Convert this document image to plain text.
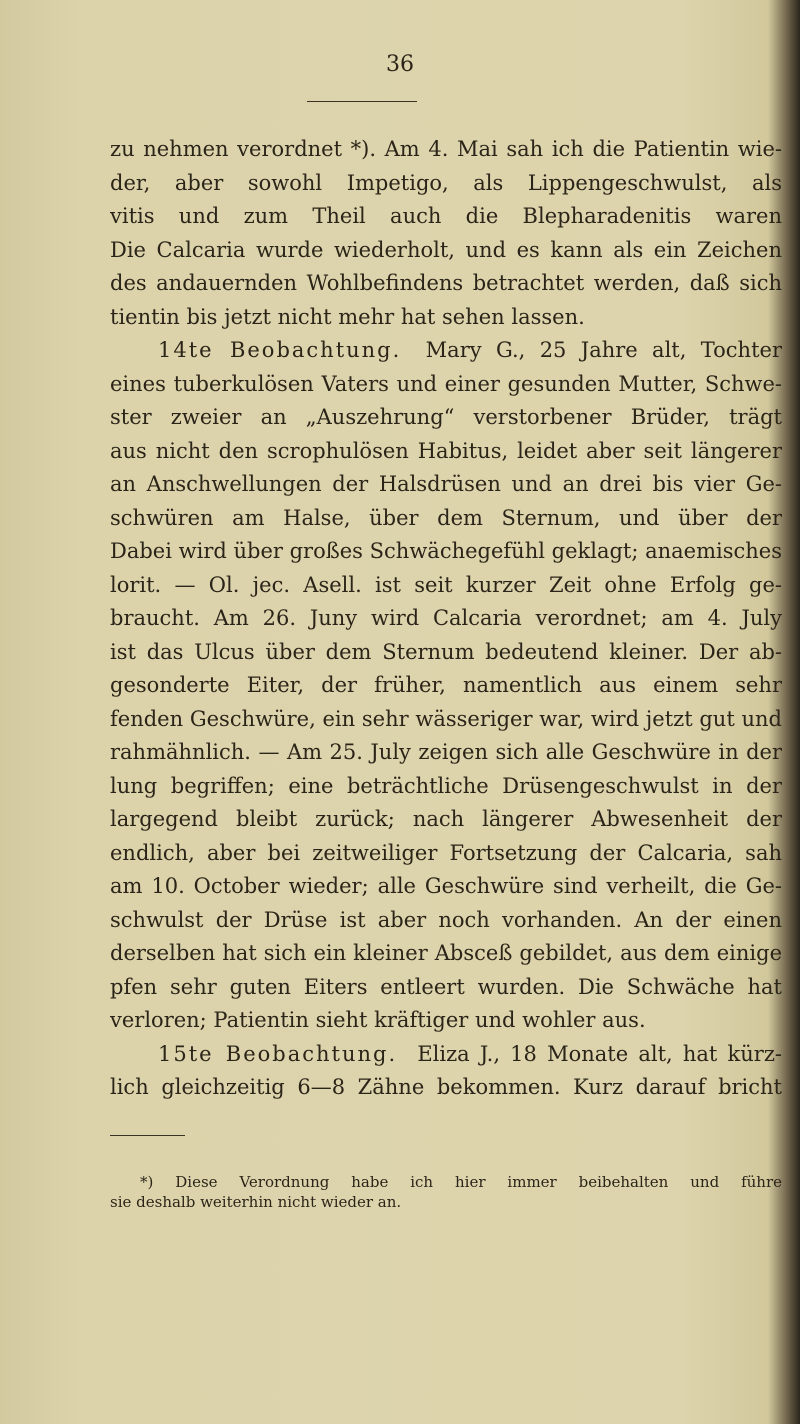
36
zu nehmen verordnet *). Am 4. Mai sah ich die Patientin wie-
der, aber sowohl Impetigo, als Lippengeschwulst, als
vitis und zum Theil auch die Blepharadenitis waren
Die Calcaria wurde wiederholt, und es kann als ein Zeichen
des andauernden Wohlbefindens betrachtet werden, daß sich
tientin bis jetzt nicht mehr hat sehen lassen.
14te Beobachtung. Mary G., 25 Jahre alt, Tochter
eines tuberkulösen Vaters und einer gesunden Mutter, Schwe-
ster zweier an „Auszehrung“ verstorbener Brüder, trägt
aus nicht den scrophulösen Habitus, leidet aber seit längerer
an Anschwellungen der Halsdrüsen und an drei bis vier Ge-
schwüren am Halse, über dem Sternum, und über der
Dabei wird über großes Schwächegefühl geklagt; anaemisches
lorit. — Ol. jec. Asell. ist seit kurzer Zeit ohne Erfolg ge-
braucht. Am 26. Juny wird Calcaria verordnet; am 4. July
ist das Ulcus über dem Sternum bedeutend kleiner. Der ab-
gesonderte Eiter, der früher, namentlich aus einem sehr
fenden Geschwüre, ein sehr wässeriger war, wird jetzt gut und
rahmähnlich. — Am 25. July zeigen sich alle Geschwüre in der
lung begriffen; eine beträchtliche Drüsengeschwulst in der
largegend bleibt zurück; nach längerer Abwesenheit der
endlich, aber bei zeitweiliger Fortsetzung der Calcaria, sah
am 10. October wieder; alle Geschwüre sind verheilt, die Ge-
schwulst der Drüse ist aber noch vorhanden. An der einen
derselben hat sich ein kleiner Absceß gebildet, aus dem einige
pfen sehr guten Eiters entleert wurden. Die Schwäche hat
verloren; Patientin sieht kräftiger und wohler aus.
15te Beobachtung. Eliza J., 18 Monate alt, hat kürz-
lich gleichzeitig 6—8 Zähne bekommen. Kurz darauf bricht
*) Diese Verordnung habe ich hier immer beibehalten und führe
sie deshalb weiterhin nicht wieder an.
